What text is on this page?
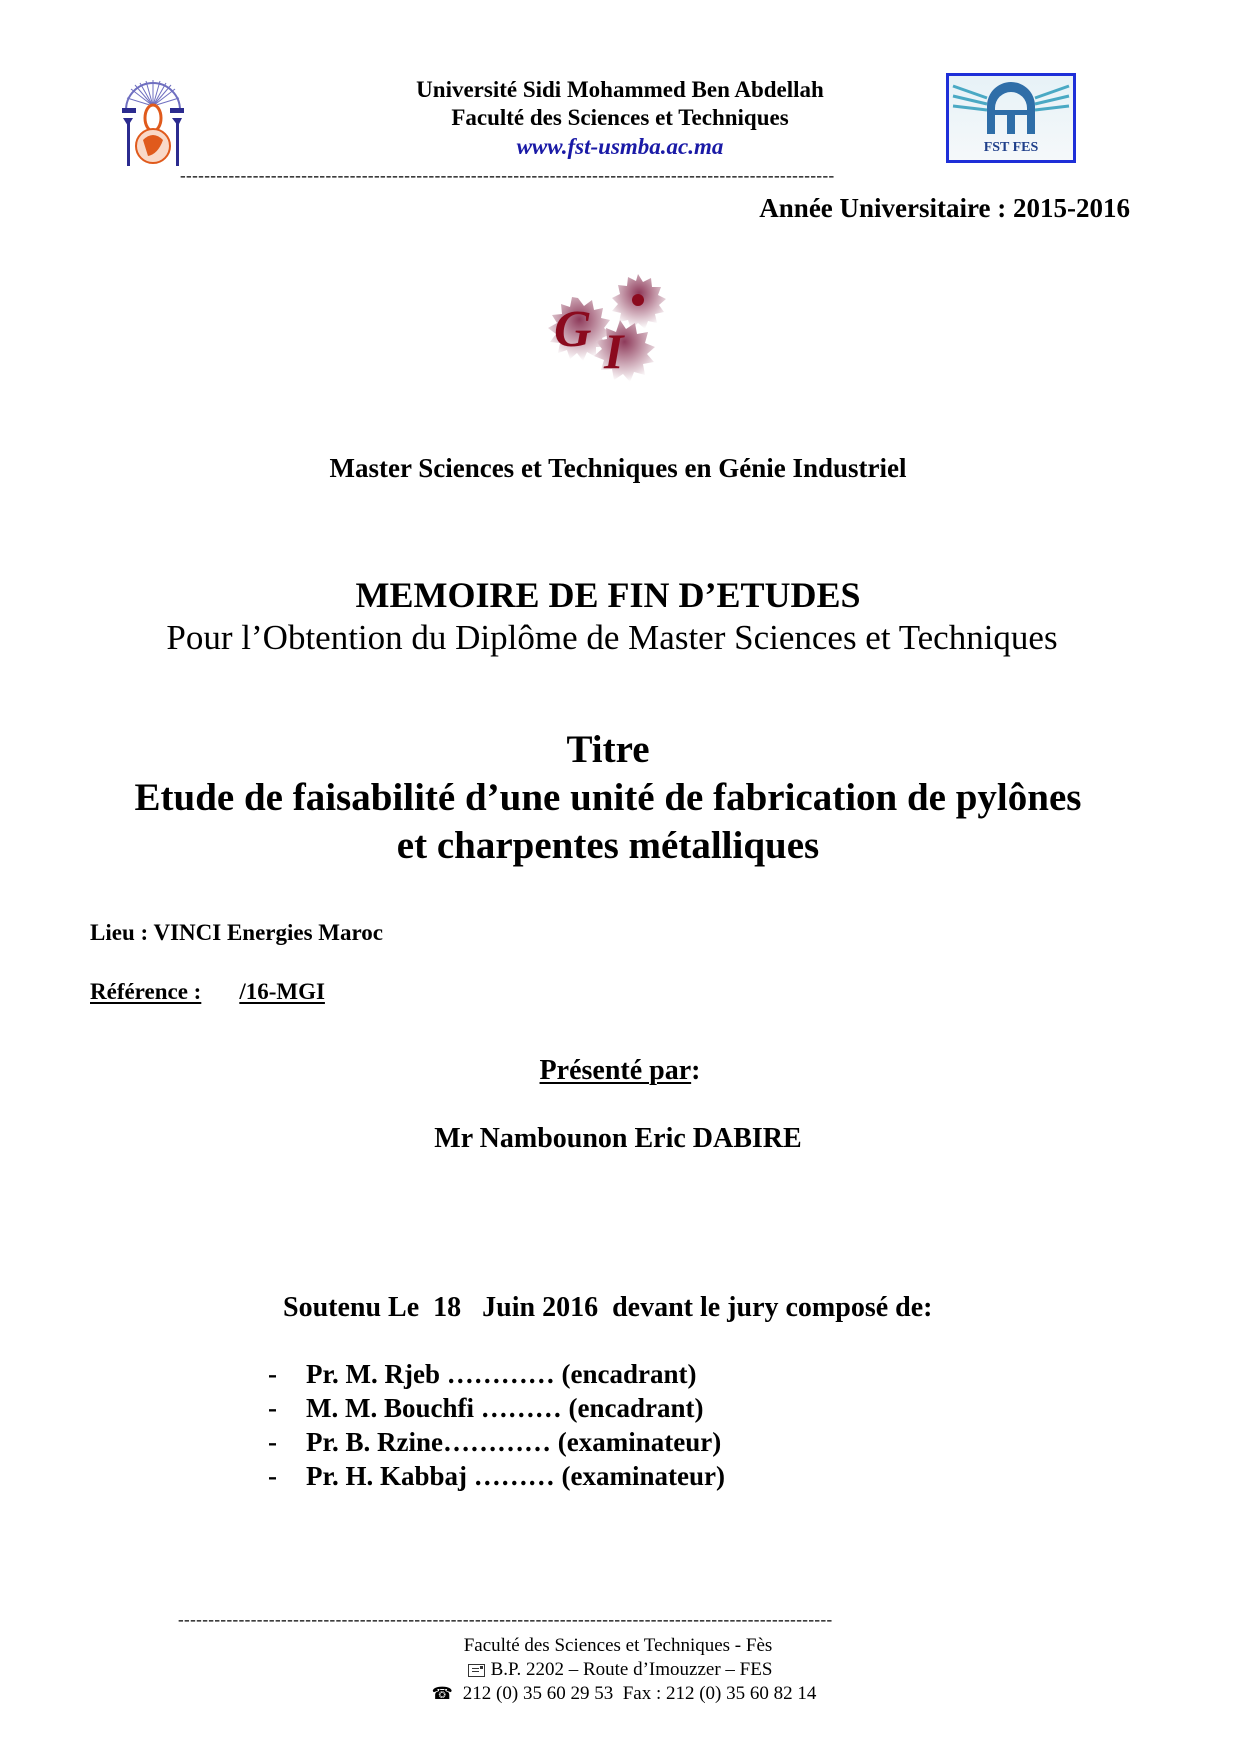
Université Sidi Mohammed Ben Abdellah
Faculté des Sciences et Techniques
www.fst-usmba.ac.ma	FST FES
------------------------------------------------------------------------------------------------------------
Année Universitaire : 2015-2016
G I
Master Sciences et Techniques en Génie Industriel
MEMOIRE DE FIN D’ETUDES
Pour l’Obtention du Diplôme de Master Sciences et Techniques
Titre
Etude de faisabilité d’une unité de fabrication de pylônes
et charpentes métalliques
Lieu : VINCI Energies Maroc
Référence : /16-MGI
Présenté par:
Mr Nambounon Eric DABIRE
Soutenu Le  18   Juin 2016  devant le jury composé de:
-	Pr. M. Rjeb ………… (encadrant)
-	M. M. Bouchfi ……… (encadrant)
-	Pr. B. Rzine………… (examinateur)
-	Pr. H. Kabbaj ……… (examinateur)
------------------------------------------------------------------------------------------------------------
Faculté des Sciences et Techniques - Fès
B.P. 2202 – Route d’Imouzzer – FES
☎ 212 (0) 35 60 29 53  Fax : 212 (0) 35 60 82 14
